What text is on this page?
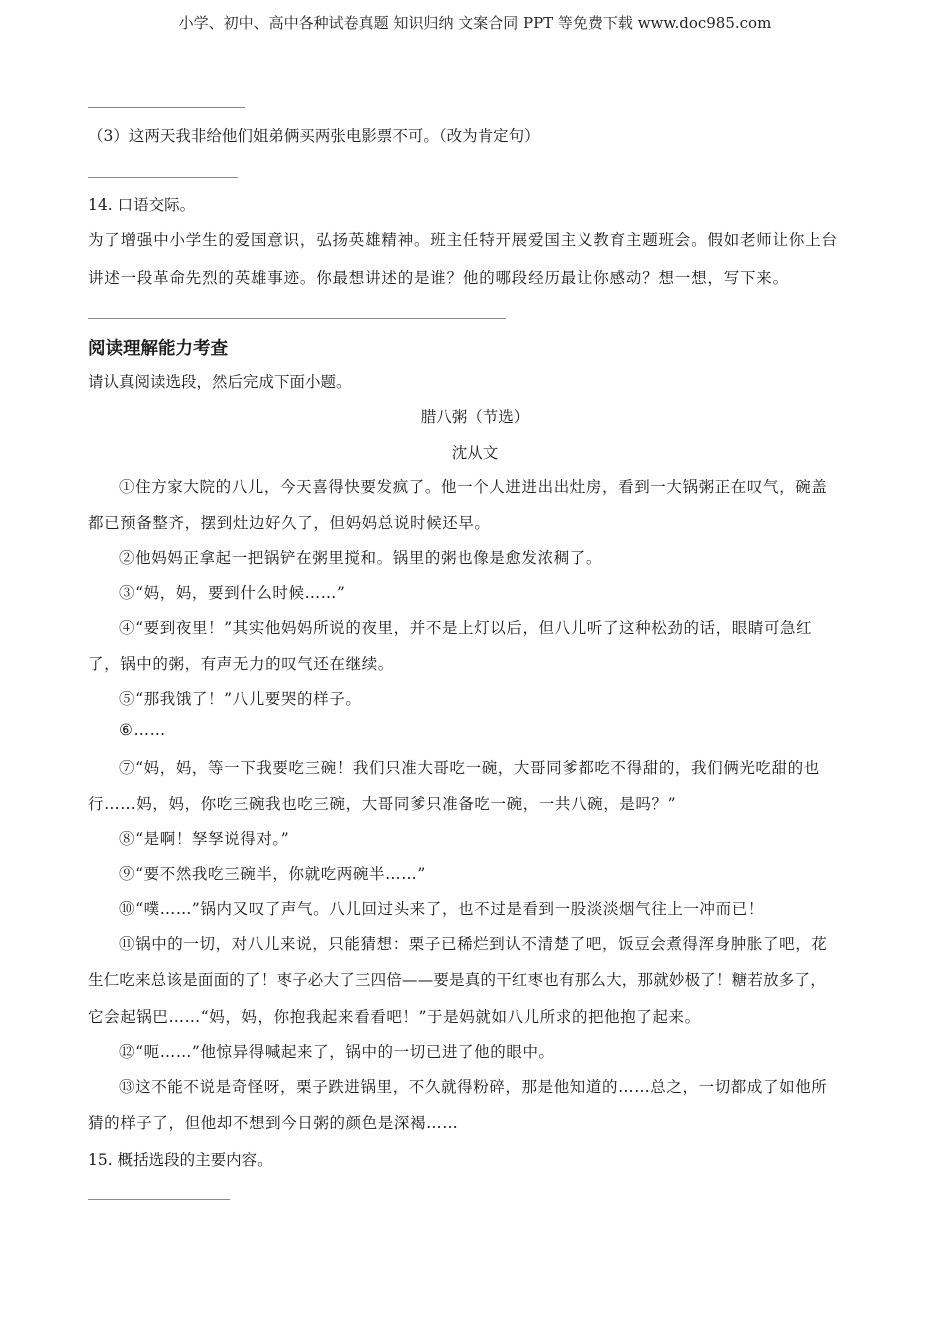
小学、初中、高中各种试卷真题 知识归纳 文案合同 PPT 等免费下载 www.doc985.com
（3）这两天我非给他们姐弟俩买两张电影票不可。（改为肯定句）
14. 口语交际。
为了增强中小学生的爱国意识，弘扬英雄精神。班主任特开展爱国主义教育主题班会。假如老师让你上台
讲述一段革命先烈的英雄事迹。你最想讲述的是谁？他的哪段经历最让你感动？想一想，写下来。
阅读理解能力考查
请认真阅读选段，然后完成下面小题。
腊八粥（节选）
沈从文
①住方家大院的八儿，今天喜得快要发疯了。他一个人进进出出灶房，看到一大锅粥正在叹气，碗盖
都已预备整齐，摆到灶边好久了，但妈妈总说时候还早。
②他妈妈正拿起一把锅铲在粥里搅和。锅里的粥也像是愈发浓稠了。
③“妈，妈，要到什么时候……”
④“要到夜里！”其实他妈妈所说的夜里，并不是上灯以后，但八儿听了这种松劲的话，眼睛可急红
了，锅中的粥，有声无力的叹气还在继续。
⑤“那我饿了！”八儿要哭的样子。
⑥……
⑦“妈，妈，等一下我要吃三碗！我们只准大哥吃一碗，大哥同爹都吃不得甜的，我们俩光吃甜的也
行……妈，妈，你吃三碗我也吃三碗，大哥同爹只准备吃一碗，一共八碗，是吗？”
⑧“是啊！孥孥说得对。”
⑨“要不然我吃三碗半，你就吃两碗半……”
⑩“噗……”锅内又叹了声气。八儿回过头来了，也不过是看到一股淡淡烟气往上一冲而已！
⑪锅中的一切，对八儿来说，只能猜想：栗子已稀烂到认不清楚了吧，饭豆会煮得浑身肿胀了吧，花
生仁吃来总该是面面的了！枣子必大了三四倍——要是真的干红枣也有那么大，那就妙极了！糖若放多了，
它会起锅巴……“妈，妈，你抱我起来看看吧！”于是妈就如八儿所求的把他抱了起来。
⑫“呃……”他惊异得喊起来了，锅中的一切已进了他的眼中。
⑬这不能不说是奇怪呀，栗子跌进锅里，不久就得粉碎，那是他知道的……总之，一切都成了如他所
猜的样子了，但他却不想到今日粥的颜色是深褐……
15. 概括选段的主要内容。
